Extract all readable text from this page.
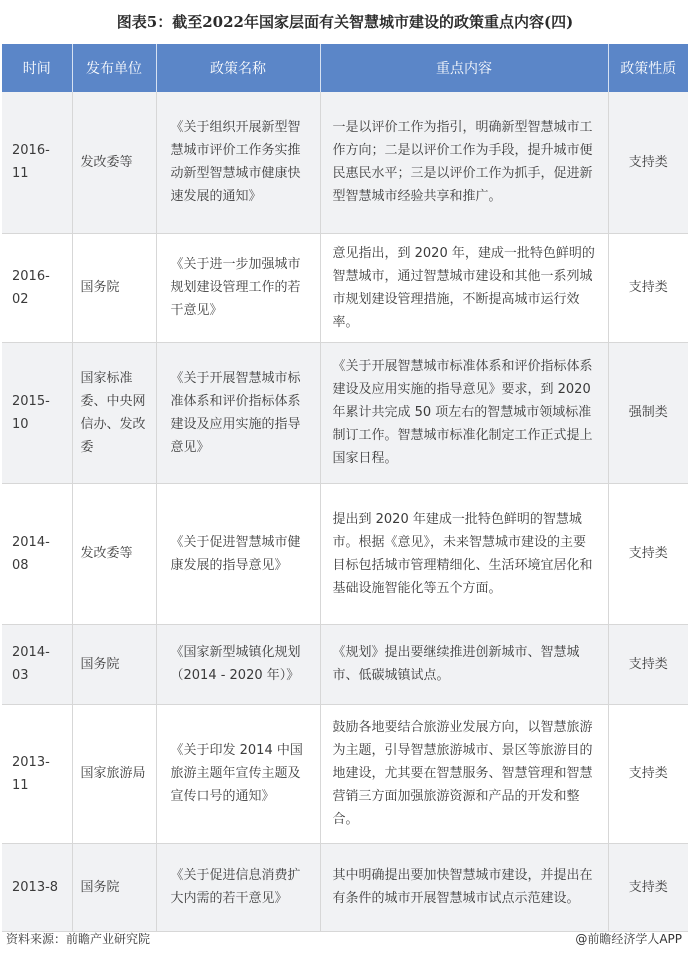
图表5：截至2022年国家层面有关智慧城市建设的政策重点内容(四)
时间	发布单位	政策名称	重点内容	政策性质
2016-11	发改委等	《关于组织开展新型智慧城市评价工作务实推动新型智慧城市健康快速发展的通知》	一是以评价工作为指引，明确新型智慧城市工作方向；二是以评价工作为手段，提升城市便民惠民水平；三是以评价工作为抓手，促进新型智慧城市经验共享和推广。	支持类
2016-02	国务院	《关于进一步加强城市规划建设管理工作的若干意见》	意见指出，到 2020 年，建成一批特色鲜明的智慧城市，通过智慧城市建设和其他一系列城市规划建设管理措施，不断提高城市运行效率。	支持类
2015-10	国家标准委、中央网信办、发改委	《关于开展智慧城市标准体系和评价指标体系建设及应用实施的指导意见》	《关于开展智慧城市标准体系和评价指标体系建设及应用实施的指导意见》要求，到 2020 年累计共完成 50 项左右的智慧城市领域标准制订工作。智慧城市标准化制定工作正式提上国家日程。	强制类
2014-08	发改委等	《关于促进智慧城市健康发展的指导意见》	提出到 2020 年建成一批特色鲜明的智慧城市。根据《意见》，未来智慧城市建设的主要目标包括城市管理精细化、生活环境宜居化和基础设施智能化等五个方面。	支持类
2014-03	国务院	《国家新型城镇化规划（2014 - 2020 年）》	《规划》提出要继续推进创新城市、智慧城市、低碳城镇试点。	支持类
2013-11	国家旅游局	《关于印发 2014 中国旅游主题年宣传主题及宣传口号的通知》	鼓励各地要结合旅游业发展方向，以智慧旅游为主题，引导智慧旅游城市、景区等旅游目的地建设，尤其要在智慧服务、智慧管理和智慧营销三方面加强旅游资源和产品的开发和整合。	支持类
2013-8	国务院	《关于促进信息消费扩大内需的若干意见》	其中明确提出要加快智慧城市建设，并提出在有条件的城市开展智慧城市试点示范建设。	支持类
资料来源：前瞻产业研究院	@前瞻经济学人APP
